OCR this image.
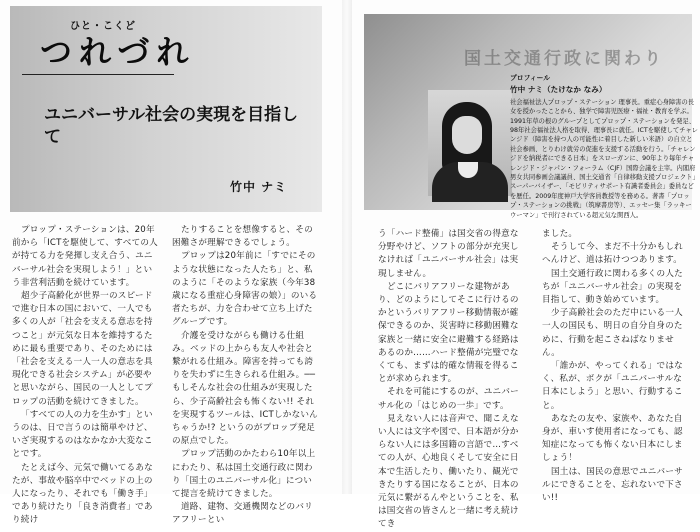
ひと・こくど
つれづれ
ユニバーサル社会の実現を目指して
竹中 ナミ

プロップ・ステーションは、20年前から「ICTを駆使して、すべての人が持てる力を発揮し支え合う、ユニバーサル社会を実現しよう！」という非営利活動を続けています。

超少子高齢化が世界一のスピードで進む日本の国において、一人でも多くの人が「社会を支える意志を持つこと」が元気な日本を維持するために最も重要であり、そのためには「社会を支える一人一人の意志を具現化できる社会システム」が必要やと思いながら、国民の一人としてプロップの活動を続けてきました。

「すべての人の力を生かす」というのは、日で言うのは簡単やけど、いざ実現するのはなかなか大変なことです。

たとえば今、元気で働いてるあなたが、事故や脳卒中でベッドの上の人になったり、それでも「働き手」であり続けたり「良き消費者」であり続け

たりすることを想像すると、その困難さが理解できるでしょう。

プロップは20年前に「すでにそのような状態になった人たち」と、私のように「そのような家族（今年38歳になる重症心身障害の娘）」のいる者たちが、力を合わせて立ち上げたグループです。

介護を受けながらも働ける仕組み。ベッドの上からも友人や社会と繋がれる仕組み。障害を持っても誇りを失わずに生きられる仕組み。──もしそんな社会の仕組みが実現したら、少子高齢社会も怖くない!! それを実現するツールは、ICTしかないんちゃうか!? というのがプロップ発足の原点でした。

プロップ活動のかたわら10年以上にわたり、私は国土交通行政に関わり「国土のユニバーサル化」について提言を続けてきました。

道路、建物、交通機関などのバリアフリーとい

国土交通行政に関わり
プロフィール
竹中 ナミ（たけなか なみ）

社会福祉法人プロップ・ステーション 理事長。重症心身障害の長女を授かったことから、独学で障害児医療・福祉・教育を学ぶ。1991年草の根のグループとしてプロップ・ステーションを発足、98年社会福祉法人格を取得、理事長に就任。ICTを駆使してチャレンジド（障害を持つ人の可能性に着目した新しい米語）の自立と社会参画、とりわけ就労の促進を支援する活動を行う。「チャレンジドを納税者にできる日本」をスローガンに、90年より毎年チャレンジド・ジャパン・フォーラム（CJF）国際会議を主宰。内閣府男女共同参画会議議員、国土交通省「自律移動支援プロジェクト」スーパーバイザー、「モビリティサポート有識者委員会」委員などを歴任。2009年度神戸大学客員教授等を務める。著書「プロップ・ステーションの挑戦」（筑摩書房等）、エッセー集「ラッキーウーマン」で刊行されている超元気な関西人。

う「ハード整備」は国交省の得意な分野やけど、ソフトの部分が充実しなければ「ユニバーサル社会」は実現しません。

どこにバリアフリーな建物があり、どのようにしてそこに行けるのかというバリアフリー移動情報が確保できるのか、災害時に移動困難な家族と一緒に安全に避難する経路はあるのか……ハード整備が完璧でなくても、まずは的確な情報を得ることが求められます。

それを可能にするのが、ユニバーサル化の「はじめの一歩」です。

見えない人には音声で、聞こえない人には文字や図で、日本語が分からない人には多国籍の言語で…すべての人が、心地良くそして安全に日本で生活したり、働いたり、観光できたりする国になることが、日本の元気に繋がるんやということを、私は国交省の皆さんと一緒に考え続けてき

ました。

そうして今、まだ不十分かもしれへんけど、道は拓けつつあります。

国土交通行政に関わる多くの人たちが「ユニバーサル社会」の実現を目指して、動き始めています。

少子高齢社会のただ中にいる一人一人の国民も、明日の自分自身のために、行動を起こさねばなりません。

「誰かが、やってくれる」ではなく、私が、ボクが「ユニバーサルな日本にしよう」と思い、行動すること。

あなたの友や、家族や、あなた自身が、車いす使用者になっても、認知症になっても怖くない日本にしましょう！

国土は、国民の意思でユニバーサルにできることを、忘れないで下さい!!
